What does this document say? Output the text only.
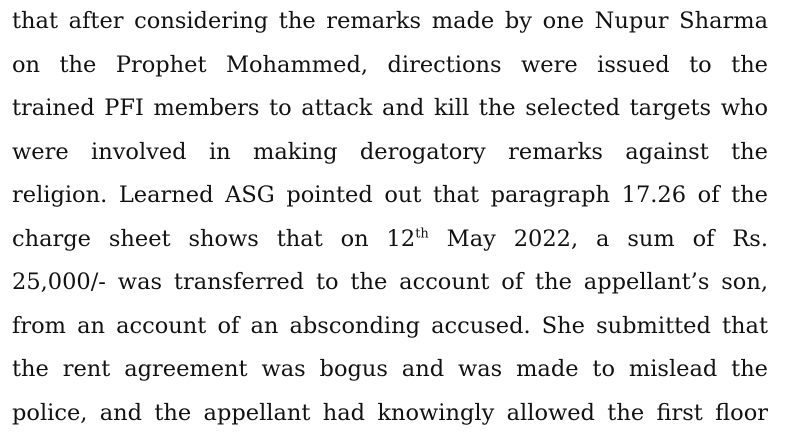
that after considering the remarks made by one Nupur Sharma
on the Prophet Mohammed, directions were issued to the
trained PFI members to attack and kill the selected targets who
were involved in making derogatory remarks against the
religion. Learned ASG pointed out that paragraph 17.26 of the
charge sheet shows that on 12th May 2022, a sum of Rs.
25,000/- was transferred to the account of the appellant’s son,
from an account of an absconding accused. She submitted that
the rent agreement was bogus and was made to mislead the
police, and the appellant had knowingly allowed the first floor
